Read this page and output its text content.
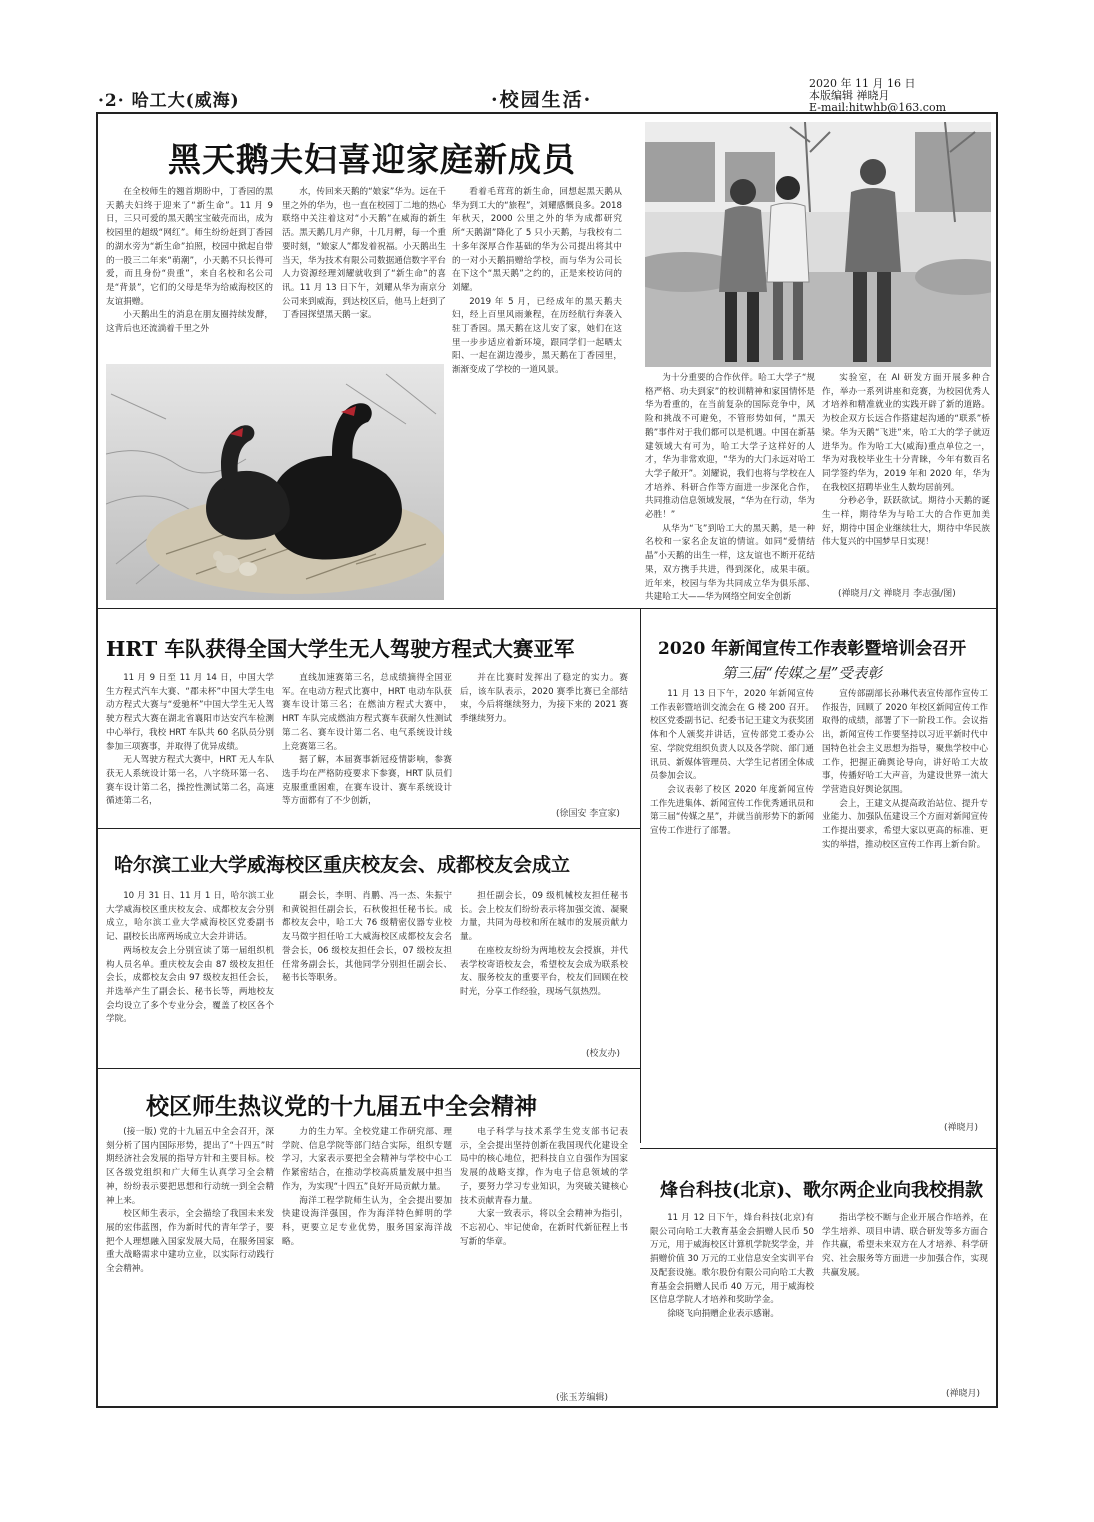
·2· 哈工大(威海)	·校园生活·
2020 年 11 月 16 日
本版编辑 禅晓月
E-mail:hitwhb@163.com
黑天鹅夫妇喜迎家庭新成员

在全校师生的翘首期盼中，丁香园的黑天鹅夫妇终于迎来了“新生命”。11 月 9 日，三只可爱的黑天鹅宝宝破壳而出，成为校园里的超级“网红”。师生纷纷赶到丁香园的湖水旁为“新生命”拍照，校园中掀起自带的一股三二年来“萌潮”，小天鹅不只长得可爱，而且身份“贵重”，来自名校和名公司是“背景”，它们的父母是华为给威海校区的友谊捐赠。

小天鹅出生的消息在朋友圈持续发酵，这背后也还流淌着千里之外

水，传回来天鹅的“娘家”华为。远在千里之外的华为，也一直在校园丁二地的热心联络中关注着这对“小天鹅”在威海的新生活。黑天鹅几月产卵，十几月孵，每一个重要时刻，“娘家人”都发着祝福。小天鹅出生当天，华为技术有限公司数据通信数字平台人力资源经理刘耀就收到了“新生命”的喜讯。11 月 13 日下午，刘耀从华为南京分公司来到威海，到达校区后，他马上赶到了丁香园探望黑天鹅一家。

看着毛茸茸的新生命，回想起黑天鹅从华为到工大的“旅程”，刘耀感慨良多。2018 年秋天，2000 公里之外的华为成都研究所“天鹅湖”降化了 5 只小天鹅，与我校有二十多年深厚合作基础的华为公司提出将其中的一对小天鹅捐赠给学校，而与华为公司长在下这个“黑天鹅”之约的，正是来校访问的刘耀。

2019 年 5 月，已经成年的黑天鹅夫妇，经上百里风雨兼程，在历经航行奔袭入驻丁香园。黑天鹅在这儿安了家，她们在这里一步步适应着新环境，跟同学们一起晒太阳、一起在湖边漫步，黑天鹅在丁香园里，渐渐变成了学校的一道风景。

为十分重要的合作伙伴。哈工大学子“规格严格、功夫到家”的校训精神和家国情怀是华为看重的，在当前复杂的国际竞争中，风险和挑战不可避免，不管形势如何，“黑天鹅”事件对于我们都可以是机遇。中国在新基建领域大有可为，哈工大学子这样好的人才，华为非常欢迎，“华为的大门永远对哈工大学子敞开”。刘耀说，我们也将与学校在人才培养、科研合作等方面进一步深化合作，共同推动信息领域发展，“华为在行动，华为必胜！”

从华为“飞”到哈工大的黑天鹅，是一种名校和一家名企友谊的情谊。如同“爱情结晶”小天鹅的出生一样，这友谊也不断开花结果，双方携手共进，得到深化，成果丰硕。近年来，校园与华为共同成立华为俱乐部、共建哈工大——华为网络空间安全创新

实验室，在 AI 研发方面开展多种合作，举办一系列讲座和竞赛，为校园优秀人才培养和精准就业的实践开辟了新的道路。为校企双方长远合作搭建起沟通的“联系”桥梁。华为天鹅“飞进”来，哈工大的学子就迈进华为。作为哈工大(威海)重点单位之一，华为对我校毕业生十分青睐，今年有数百名同学签约华为，2019 年和 2020 年，华为在我校区招聘毕业生人数均居前列。

分秒必争，跃跃欲试。期待小天鹅的诞生一样，期待华为与哈工大的合作更加美好，期待中国企业继续壮大，期待中华民族伟大复兴的中国梦早日实现！

(禅晓月/文 禅晓月 李志强/图)
HRT 车队获得全国大学生无人驾驶方程式大赛亚军

11 月 9 日至 11 月 14 日，中国大学生方程式汽车大赛、“郡未杯”中国大学生电动方程式大赛与“爱驰杯”中国大学生无人驾驶方程式大赛在湖北省襄阳市达安汽车检测中心举行，我校 HRT 车队共 60 名队员分别参加三项赛事，并取得了优异成绩。

无人驾驶方程式大赛中，HRT 无人车队获无人系统设计第一名，八字绕环第一名、赛车设计第二名，操控性测试第二名，高速循迹第二名，

直线加速赛第三名，总成绩摘得全国亚军。在电动方程式比赛中，HRT 电动车队获赛车设计第三名；在燃油方程式大赛中，HRT 车队完成燃油方程式赛车获耐久性测试第二名、赛车设计第二名、电气系统设计线上竞赛第三名。

据了解，本届赛事新冠疫情影响，参赛选手均在严格防疫要求下参赛，HRT 队员们克服重重困难，在赛车设计、赛车系统设计等方面都有了不少创新，

并在比赛时发挥出了稳定的实力。赛后，该车队表示，2020 赛季比赛已全部结束，今后将继续努力，为接下来的 2021 赛季继续努力。

(徐国安 李宣家)
2020 年新闻宣传工作表彰暨培训会召开
第三届“传媒之星”受表彰

11 月 13 日下午，2020 年新闻宣传工作表彰暨培训交流会在 G 楼 200 召开。校区党委副书记、纪委书记王建文为获奖团体和个人颁奖并讲话，宣传部党工委办公室、学院党组织负责人以及各学院、部门通讯员、新媒体管理员、大学生记者团全体成员参加会议。

会议表彰了校区 2020 年度新闻宣传工作先进集体、新闻宣传工作优秀通讯员和第三届“传媒之星”，并就当前形势下的新闻宣传工作进行了部署。

宣传部副部长孙琳代表宣传部作宣传工作报告，回顾了 2020 年校区新闻宣传工作取得的成绩，部署了下一阶段工作。会议指出，新闻宣传工作要坚持以习近平新时代中国特色社会主义思想为指导，聚焦学校中心工作，把握正确舆论导向，讲好哈工大故事，传播好哈工大声音，为建设世界一流大学营造良好舆论氛围。

会上，王建文从提高政治站位、提升专业能力、加强队伍建设三个方面对新闻宣传工作提出要求，希望大家以更高的标准、更实的举措，推动校区宣传工作再上新台阶。

(禅晓月)
哈尔滨工业大学威海校区重庆校友会、成都校友会成立

10 月 31 日、11 月 1 日，哈尔滨工业大学威海校区重庆校友会、成都校友会分别成立，哈尔滨工业大学威海校区党委副书记、副校长出席两场成立大会并讲话。

两场校友会上分别宣读了第一届组织机构人员名单。重庆校友会由 87 级校友担任会长，成都校友会由 97 级校友担任会长，并选举产生了副会长、秘书长等，两地校友会均设立了多个专业分会，覆盖了校区各个学院。

副会长，李明、肖鹏、冯一杰、朱振宁和黄锐担任副会长，石秋俊担任秘书长。成都校友会中，哈工大 76 级精密仪器专业校友马徵宇担任哈工大威海校区成都校友会名誉会长，06 级校友担任会长，07 级校友担任常务副会长，其他同学分别担任副会长、秘书长等职务。

担任副会长，09 级机械校友担任秘书长。会上校友们纷纷表示将加强交流、凝聚力量，共同为母校和所在城市的发展贡献力量。

在座校友纷纷为两地校友会授旗，并代表学校寄语校友会，希望校友会成为联系校友、服务校友的重要平台，校友们回顾在校时光，分享工作经验，现场气氛热烈。

(校友办)
校区师生热议党的十九届五中全会精神

(接一版) 党的十九届五中全会召开，深刻分析了国内国际形势，提出了“十四五”时期经济社会发展的指导方针和主要目标。校区各级党组织和广大师生认真学习全会精神，纷纷表示要把思想和行动统一到全会精神上来。

校区师生表示，全会描绘了我国未来发展的宏伟蓝图，作为新时代的青年学子，要把个人理想融入国家发展大局，在服务国家重大战略需求中建功立业，以实际行动践行全会精神。

力的生力军。全校党建工作研究部、理学院、信息学院等部门结合实际，组织专题学习，大家表示要把全会精神与学校中心工作紧密结合，在推动学校高质量发展中担当作为，为实现“十四五”良好开局贡献力量。

海洋工程学院师生认为，全会提出要加快建设海洋强国，作为海洋特色鲜明的学科，更要立足专业优势，服务国家海洋战略。

电子科学与技术系学生党支部书记表示，全会提出坚持创新在我国现代化建设全局中的核心地位，把科技自立自强作为国家发展的战略支撑，作为电子信息领域的学子，要努力学习专业知识，为突破关键核心技术贡献青春力量。

大家一致表示，将以全会精神为指引，不忘初心、牢记使命，在新时代新征程上书写新的华章。

(张玉芳编辑)
烽台科技(北京)、歌尔两企业向我校捐款

11 月 12 日下午，烽台科技(北京)有限公司向哈工大教育基金会捐赠人民币 50 万元，用于威海校区计算机学院奖学金，并捐赠价值 30 万元的工业信息安全实训平台及配套设施。歌尔股份有限公司向哈工大教育基金会捐赠人民币 40 万元，用于威海校区信息学院人才培养和奖助学金。

徐晓飞向捐赠企业表示感谢。

指出学校不断与企业开展合作培养，在学生培养、项目申请、联合研发等多方面合作共赢，希望未来双方在人才培养、科学研究、社会服务等方面进一步加强合作，实现共赢发展。

(禅晓月)
